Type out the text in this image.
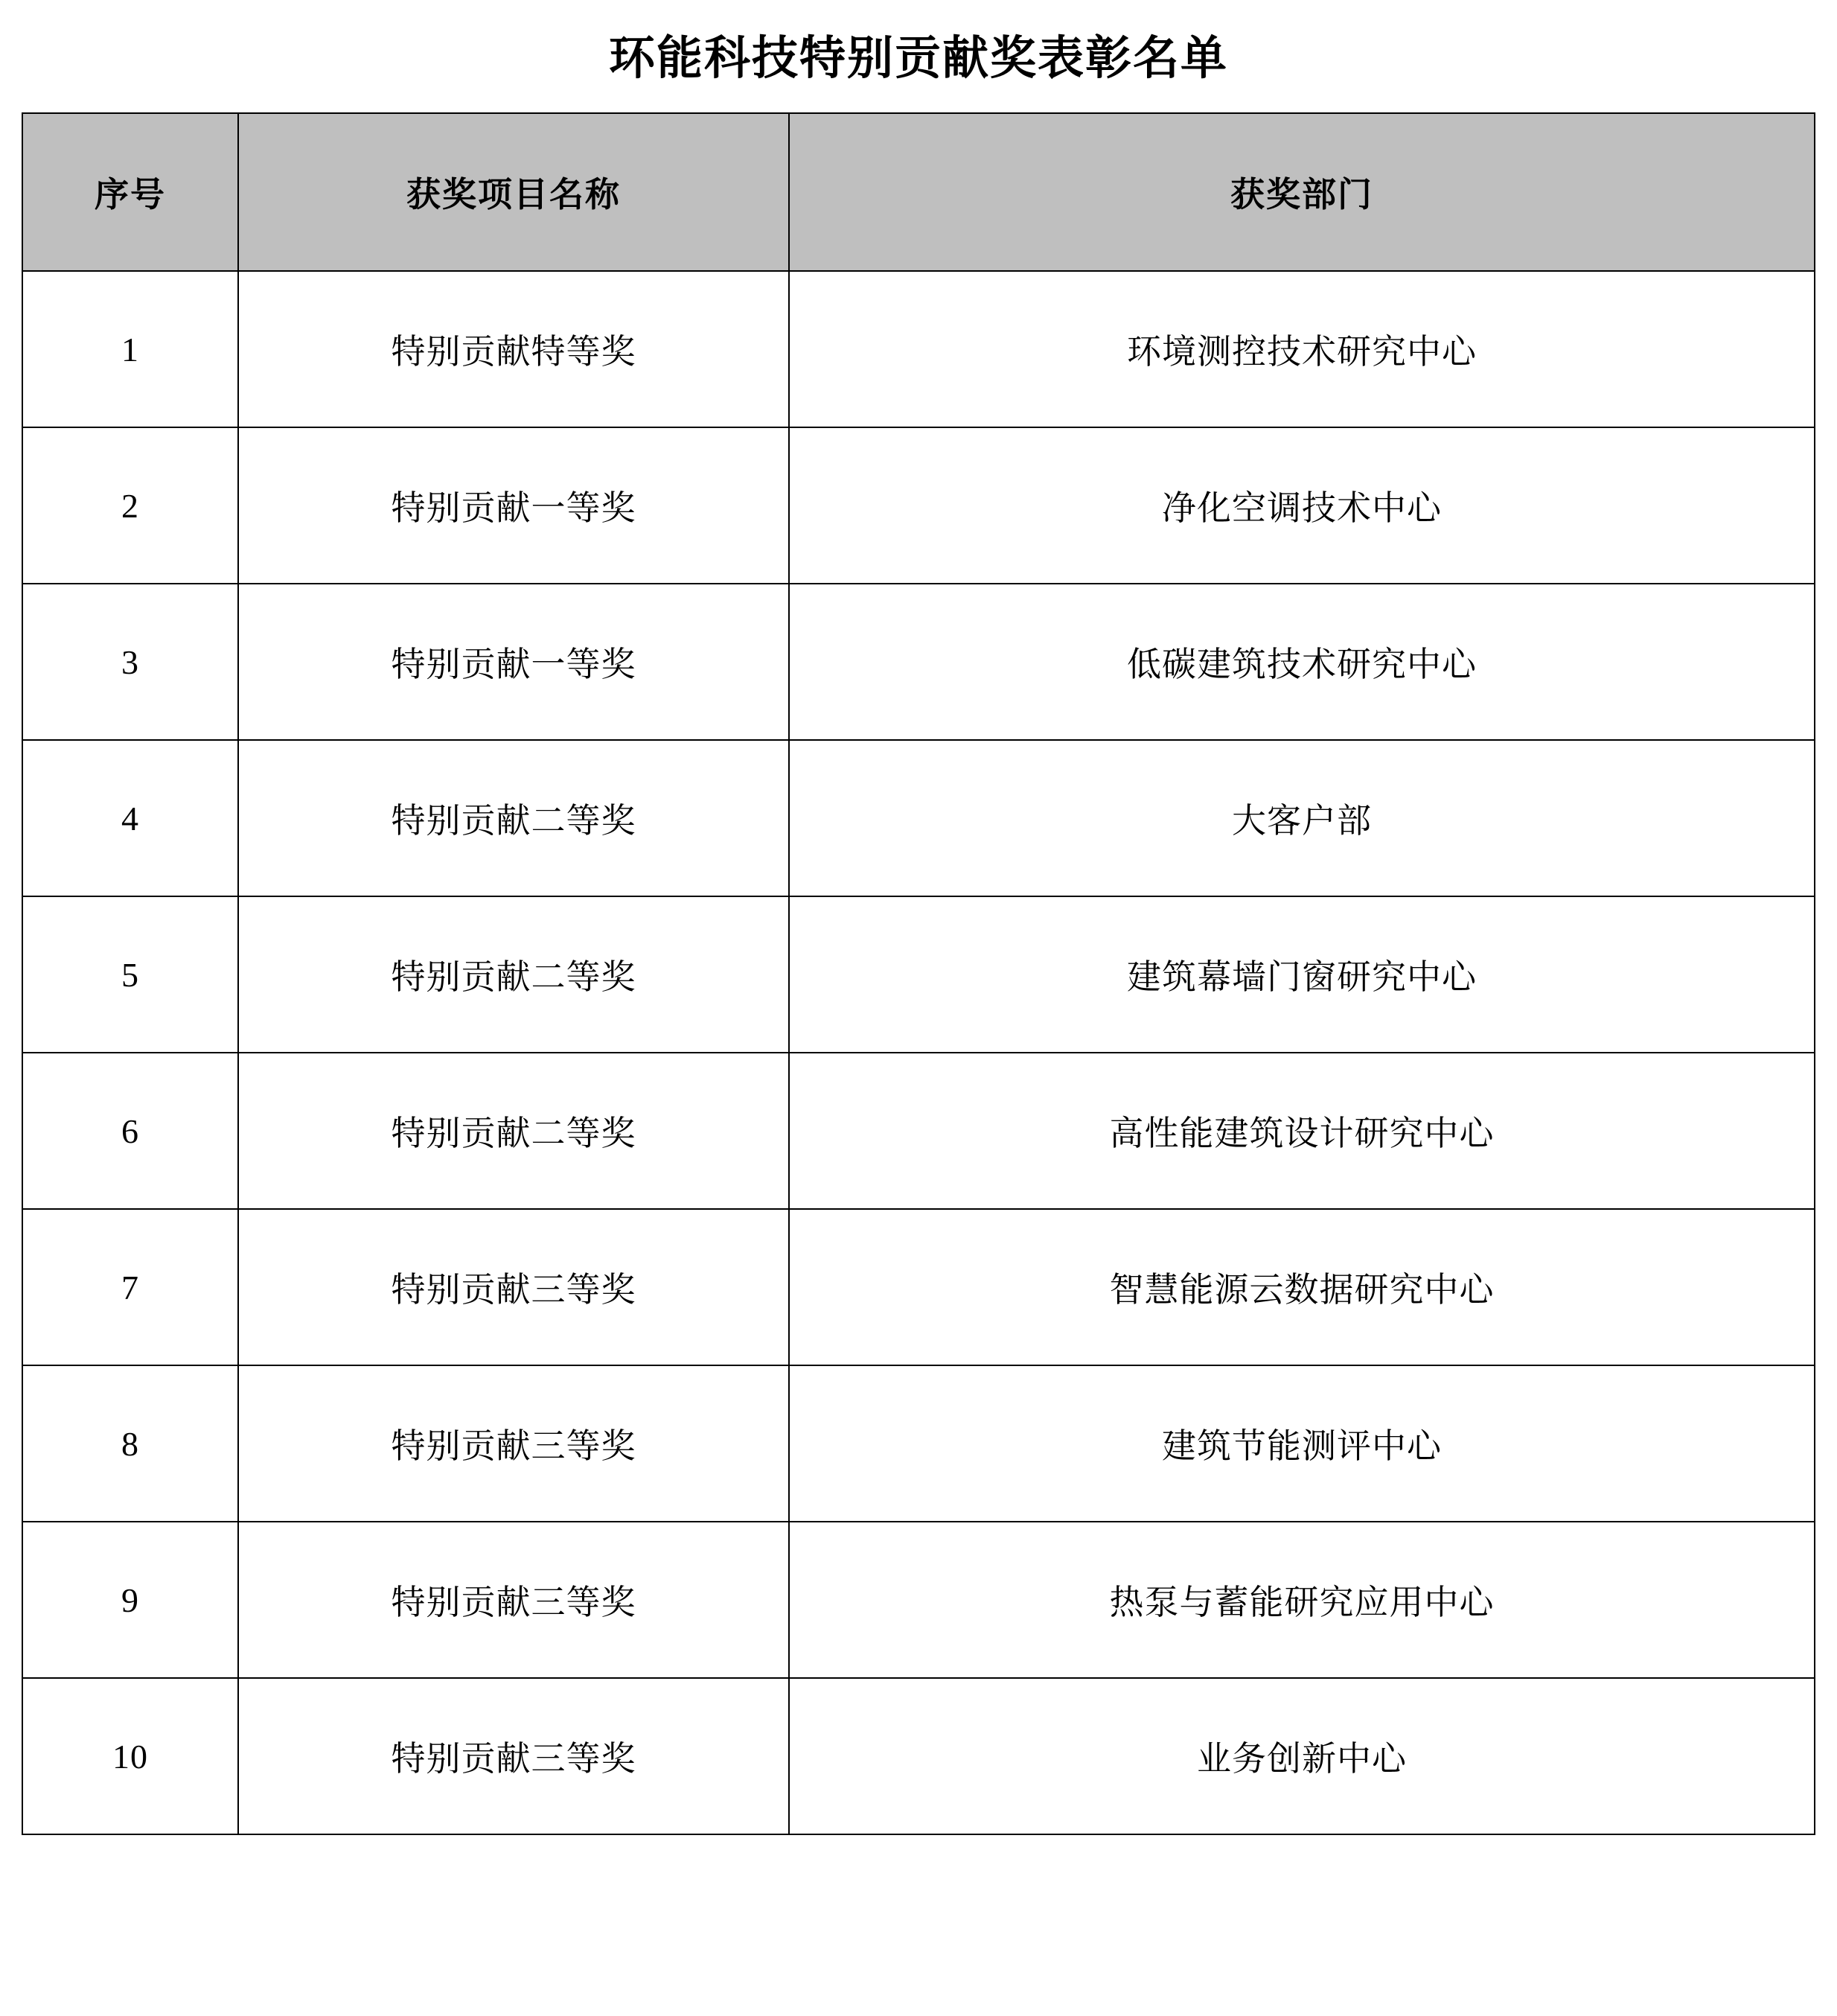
环能科技特别贡献奖表彰名单
序号	获奖项目名称	获奖部门
1	特别贡献特等奖	环境测控技术研究中心
2	特别贡献一等奖	净化空调技术中心
3	特别贡献一等奖	低碳建筑技术研究中心
4	特别贡献二等奖	大客户部
5	特别贡献二等奖	建筑幕墙门窗研究中心
6	特别贡献二等奖	高性能建筑设计研究中心
7	特别贡献三等奖	智慧能源云数据研究中心
8	特别贡献三等奖	建筑节能测评中心
9	特别贡献三等奖	热泵与蓄能研究应用中心
10	特别贡献三等奖	业务创新中心
